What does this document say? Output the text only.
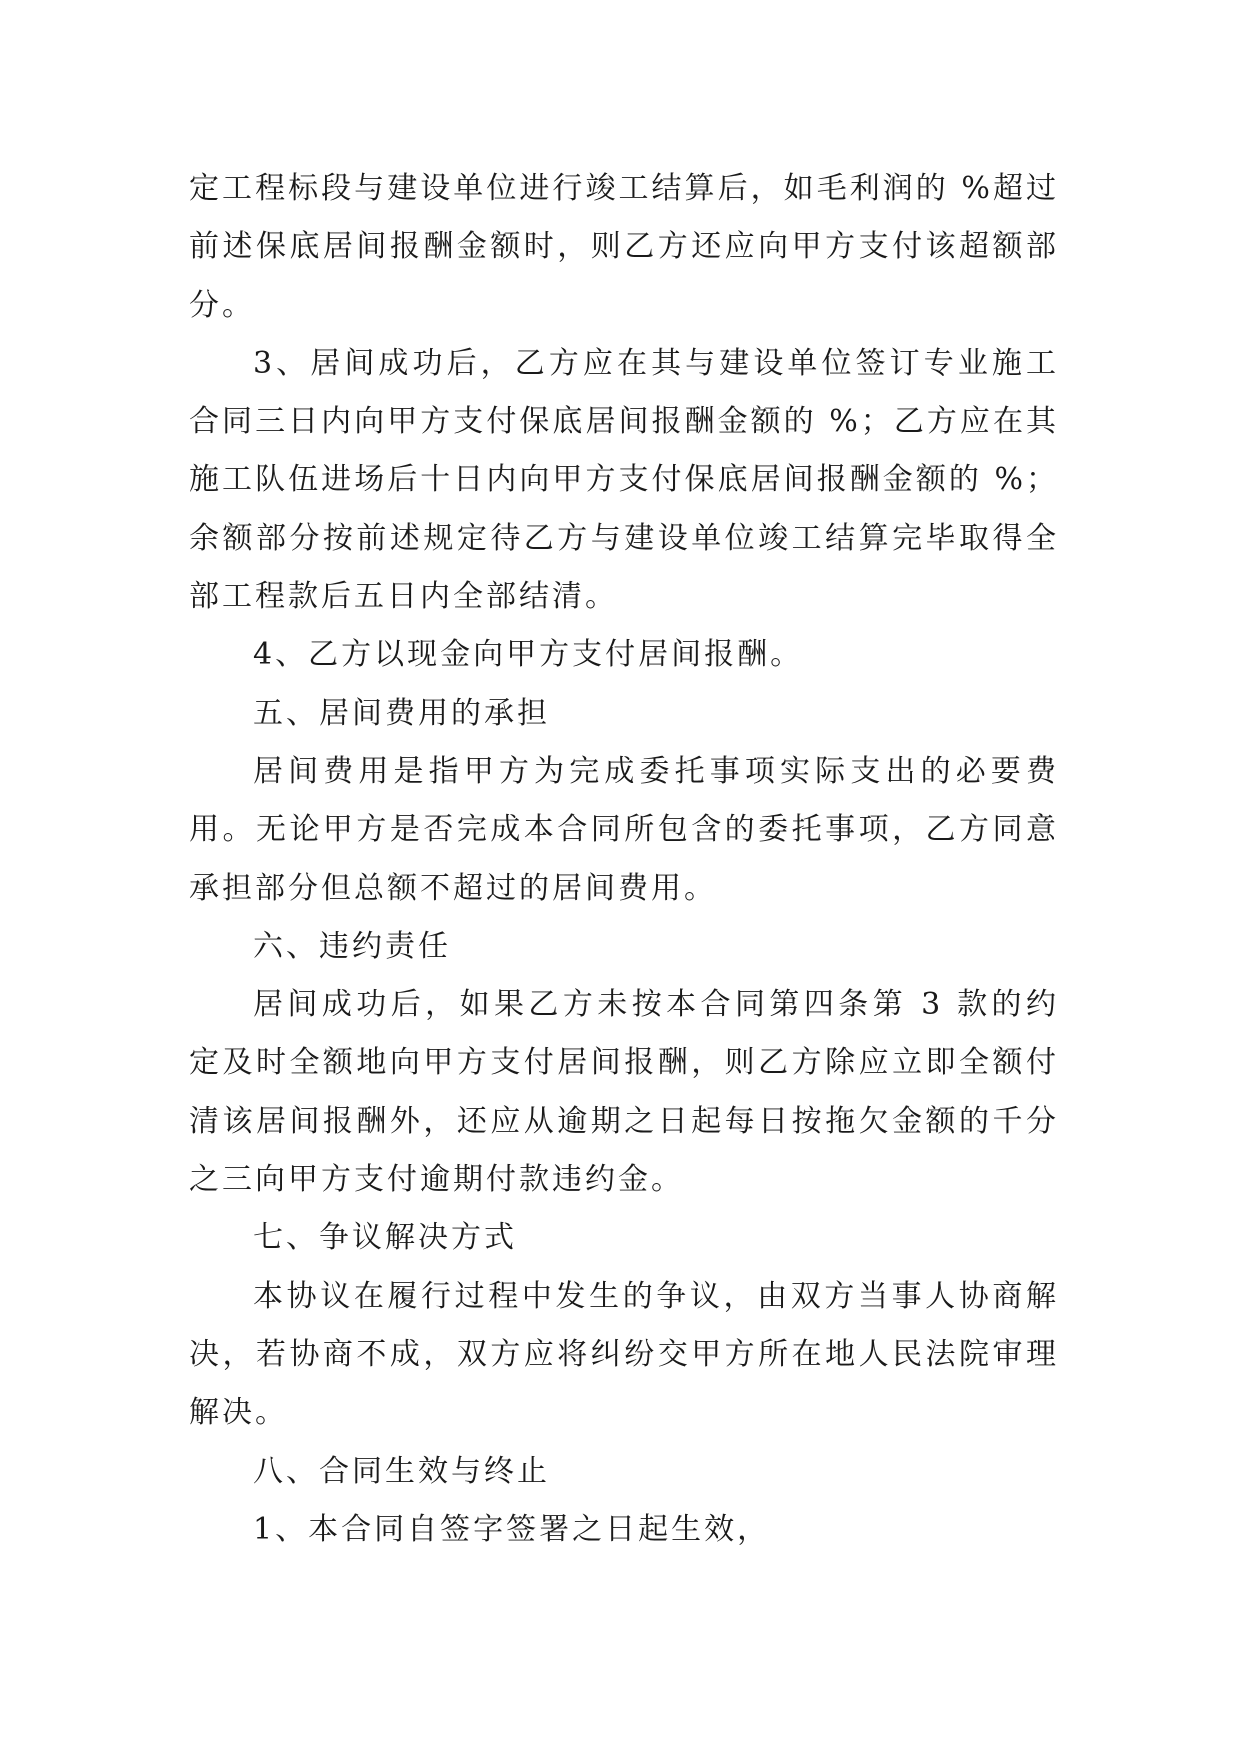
定工程标段与建设单位进行竣工结算后，如毛利润的 %超过前述保底居间报酬金额时，则乙方还应向甲方支付该超额部分。

3、居间成功后，乙方应在其与建设单位签订专业施工合同三日内向甲方支付保底居间报酬金额的 %；乙方应在其施工队伍进场后十日内向甲方支付保底居间报酬金额的 %；余额部分按前述规定待乙方与建设单位竣工结算完毕取得全部工程款后五日内全部结清。

4、乙方以现金向甲方支付居间报酬。

五、居间费用的承担

居间费用是指甲方为完成委托事项实际支出的必要费用。无论甲方是否完成本合同所包含的委托事项，乙方同意承担部分但总额不超过的居间费用。

六、违约责任

居间成功后，如果乙方未按本合同第四条第 3 款的约定及时全额地向甲方支付居间报酬，则乙方除应立即全额付清该居间报酬外，还应从逾期之日起每日按拖欠金额的千分之三向甲方支付逾期付款违约金。

七、争议解决方式

本协议在履行过程中发生的争议，由双方当事人协商解决，若协商不成，双方应将纠纷交甲方所在地人民法院审理解决。

八、合同生效与终止

1、本合同自签字签署之日起生效，
